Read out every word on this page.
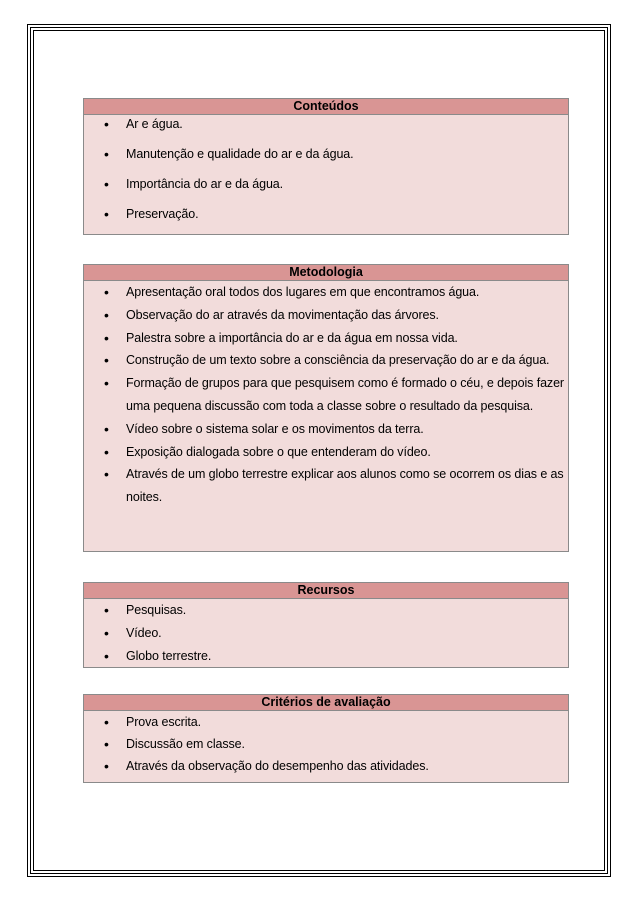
Conteúdos
• Ar e água.
• Manutenção e qualidade do ar e da água.
• Importância do ar e da água.
• Preservação.
Metodologia
• Apresentação oral todos dos lugares em que encontramos água.
• Observação do ar através da movimentação das árvores.
• Palestra sobre a importância do ar e da água em nossa vida.
• Construção de um texto sobre a consciência da preservação do ar e da água.
• Formação de grupos para que pesquisem como é formado o céu, e depois fazer uma pequena discussão com toda a classe sobre o resultado da pesquisa.
• Vídeo sobre o sistema solar e os movimentos da terra.
• Exposição dialogada sobre o que entenderam do vídeo.
• Através de um globo terrestre explicar aos alunos como se ocorrem os dias e as noites.
Recursos
• Pesquisas.
• Vídeo.
• Globo terrestre.
Critérios de avaliação
• Prova escrita.
• Discussão em classe.
• Através da observação do desempenho das atividades.
